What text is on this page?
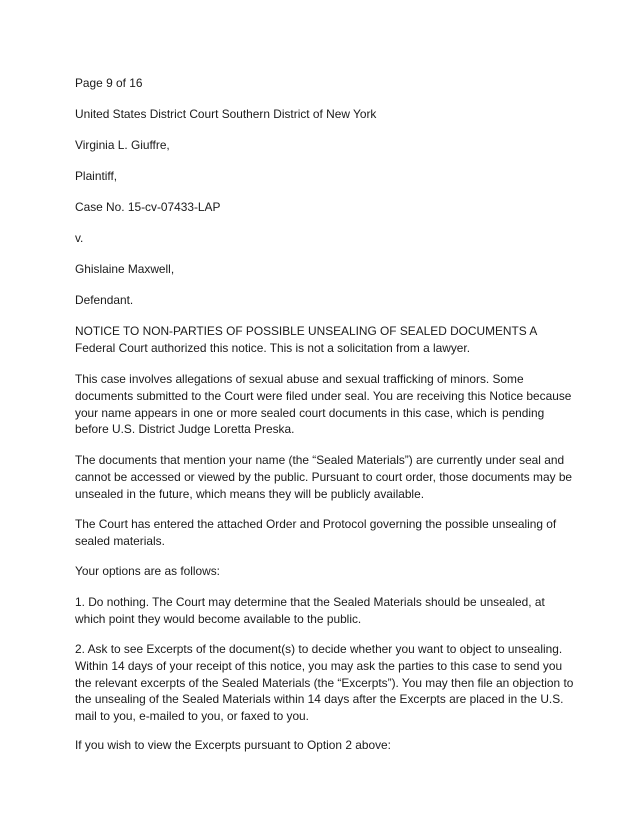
Page 9 of 16

United States District Court Southern District of New York

Virginia L. Giuffre,

Plaintiff,

Case No. 15-cv-07433-LAP

v.

Ghislaine Maxwell,

Defendant.

NOTICE TO NON-PARTIES OF POSSIBLE UNSEALING OF SEALED DOCUMENTS A Federal Court authorized this notice. This is not a solicitation from a lawyer.

This case involves allegations of sexual abuse and sexual trafficking of minors. Some documents submitted to the Court were filed under seal. You are receiving this Notice because your name appears in one or more sealed court documents in this case, which is pending before U.S. District Judge Loretta Preska.

The documents that mention your name (the “Sealed Materials”) are currently under seal and cannot be accessed or viewed by the public. Pursuant to court order, those documents may be unsealed in the future, which means they will be publicly available.

The Court has entered the attached Order and Protocol governing the possible unsealing of sealed materials.

Your options are as follows:

1. Do nothing. The Court may determine that the Sealed Materials should be unsealed, at which point they would become available to the public.

2. Ask to see Excerpts of the document(s) to decide whether you want to object to unsealing. Within 14 days of your receipt of this notice, you may ask the parties to this case to send you the relevant excerpts of the Sealed Materials (the “Excerpts”). You may then file an objection to the unsealing of the Sealed Materials within 14 days after the Excerpts are placed in the U.S. mail to you, e-mailed to you, or faxed to you.

If you wish to view the Excerpts pursuant to Option 2 above:
